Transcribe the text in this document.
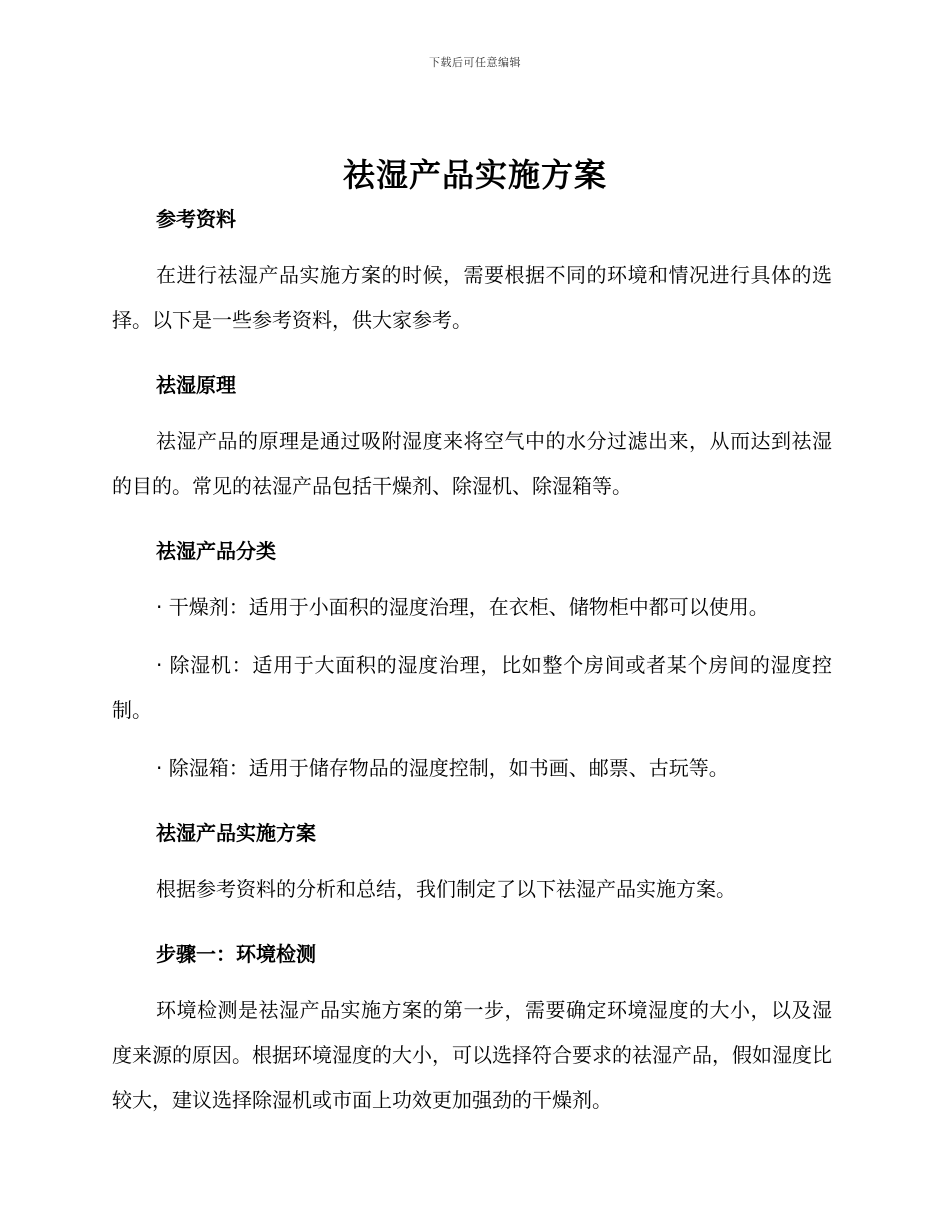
下载后可任意编辑
祛湿产品实施方案
参考资料
在进行祛湿产品实施方案的时候，需要根据不同的环境和情况进行具体的选择。以下是一些参考资料，供大家参考。
祛湿原理
祛湿产品的原理是通过吸附湿度来将空气中的水分过滤出来，从而达到祛湿的目的。常见的祛湿产品包括干燥剂、除湿机、除湿箱等。
祛湿产品分类
· 干燥剂：适用于小面积的湿度治理，在衣柜、储物柜中都可以使用。
· 除湿机：适用于大面积的湿度治理，比如整个房间或者某个房间的湿度控制。
· 除湿箱：适用于储存物品的湿度控制，如书画、邮票、古玩等。
祛湿产品实施方案
根据参考资料的分析和总结，我们制定了以下祛湿产品实施方案。
步骤一：环境检测
环境检测是祛湿产品实施方案的第一步，需要确定环境湿度的大小，以及湿度来源的原因。根据环境湿度的大小，可以选择符合要求的祛湿产品，假如湿度比较大，建议选择除湿机或市面上功效更加强劲的干燥剂。
